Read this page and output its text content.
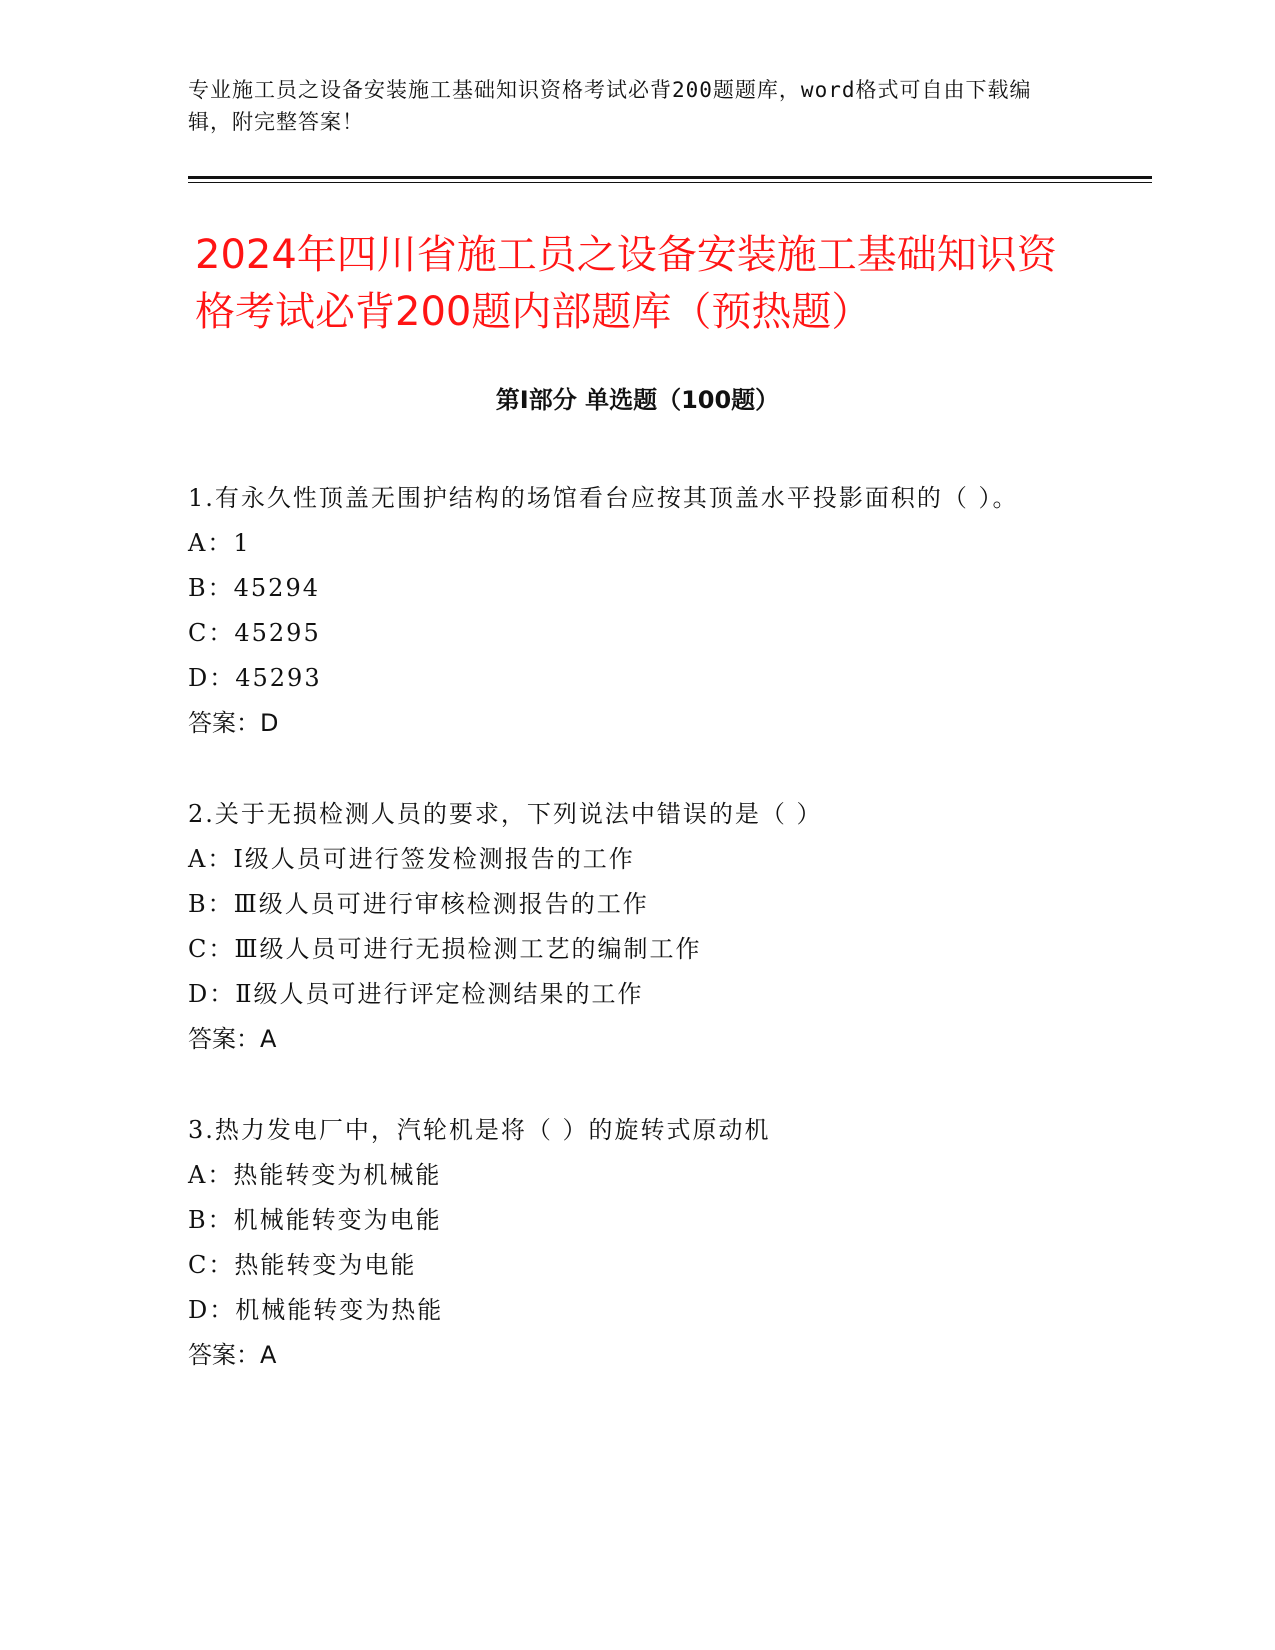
专业施工员之设备安装施工基础知识资格考试必背200题题库，word格式可自由下载编辑，附完整答案！
2024年四川省施工员之设备安装施工基础知识资格考试必背200题内部题库（预热题）
第Ⅰ部分 单选题（100题）

1.有永久性顶盖无围护结构的场馆看台应按其顶盖水平投影面积的（ ）。

A：1

B：45294

C：45295

D：45293

答案：D

2.关于无损检测人员的要求，下列说法中错误的是（ ）

A：Ⅰ级人员可进行签发检测报告的工作

B：Ⅲ级人员可进行审核检测报告的工作

C：Ⅲ级人员可进行无损检测工艺的编制工作

D：Ⅱ级人员可进行评定检测结果的工作

答案：A

3.热力发电厂中，汽轮机是将（ ）的旋转式原动机

A：热能转变为机械能

B：机械能转变为电能

C：热能转变为电能

D：机械能转变为热能

答案：A
